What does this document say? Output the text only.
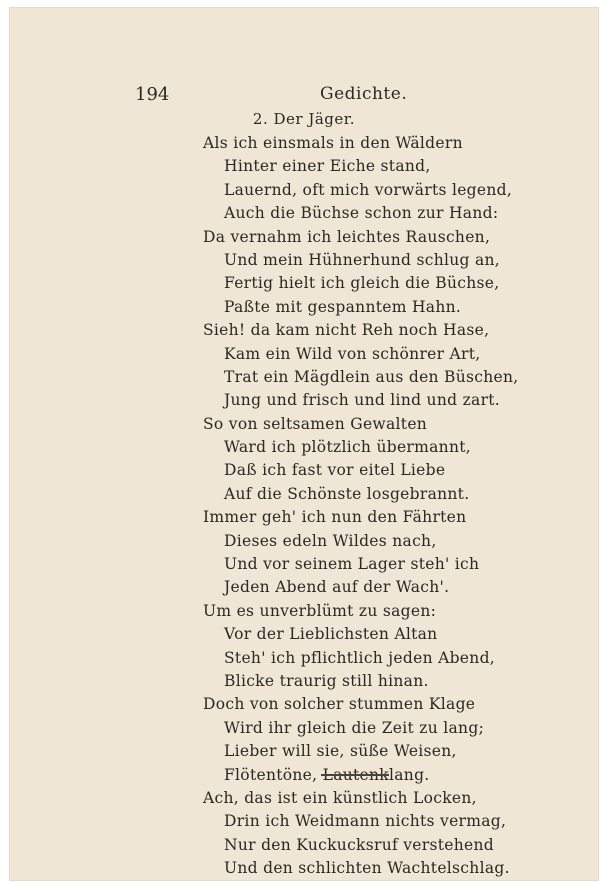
194	Gedichte.
2. Der Jäger.
Als ich einsmals in den Wäldern
Hinter einer Eiche stand,
Lauernd, oft mich vorwärts legend,
Auch die Büchse schon zur Hand:
Da vernahm ich leichtes Rauschen,
Und mein Hühnerhund schlug an,
Fertig hielt ich gleich die Büchse,
Paßte mit gespanntem Hahn.
Sieh! da kam nicht Reh noch Hase,
Kam ein Wild von schönrer Art,
Trat ein Mägdlein aus den Büschen,
Jung und frisch und lind und zart.
So von seltsamen Gewalten
Ward ich plötzlich übermannt,
Daß ich fast vor eitel Liebe
Auf die Schönste losgebrannt.
Immer geh' ich nun den Fährten
Dieses edeln Wildes nach,
Und vor seinem Lager steh' ich
Jeden Abend auf der Wach'.
Um es unverblümt zu sagen:
Vor der Lieblichsten Altan
Steh' ich pflichtlich jeden Abend,
Blicke traurig still hinan.
Doch von solcher stummen Klage
Wird ihr gleich die Zeit zu lang;
Lieber will sie, süße Weisen,
Flötentöne, Lautenklang.
Ach, das ist ein künstlich Locken,
Drin ich Weidmann nichts vermag,
Nur den Kuckucksruf verstehend
Und den schlichten Wachtelschlag.
